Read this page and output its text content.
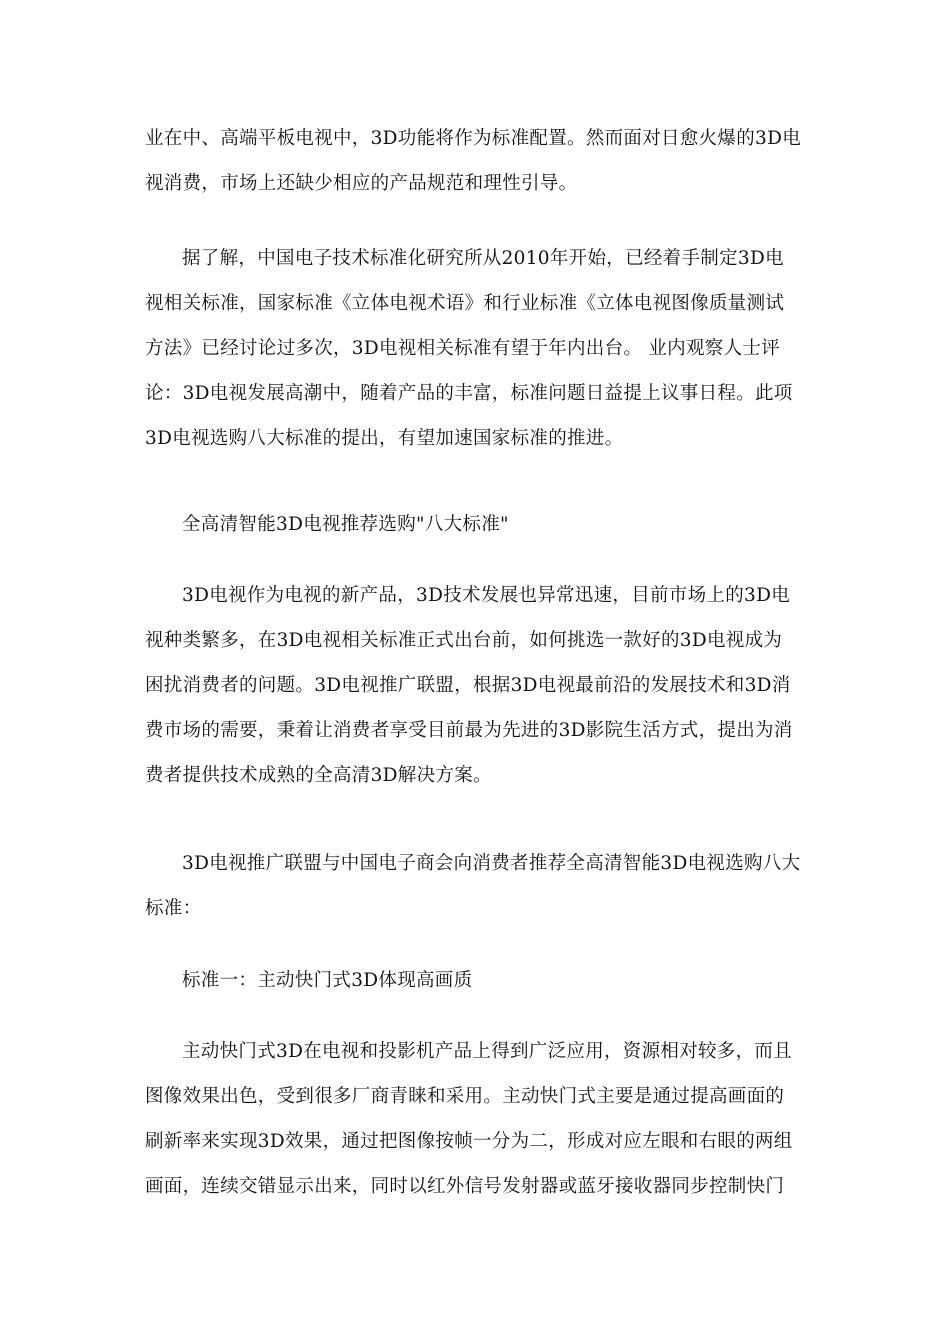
业在中、高端平板电视中，3D功能将作为标准配置。然而面对日愈火爆的3D电
视消费，市场上还缺少相应的产品规范和理性引导。

据了解，中国电子技术标准化研究所从2010年开始，已经着手制定3D电
视相关标准，国家标准《立体电视术语》和行业标准《立体电视图像质量测试
方法》已经讨论过多次，3D电视相关标准有望于年内出台。 业内观察人士评
论：3D电视发展高潮中，随着产品的丰富，标准问题日益提上议事日程。此项
3D电视选购八大标准的提出，有望加速国家标准的推进。

全高清智能3D电视推荐选购"八大标准"

3D电视作为电视的新产品，3D技术发展也异常迅速，目前市场上的3D电
视种类繁多，在3D电视相关标准正式出台前，如何挑选一款好的3D电视成为
困扰消费者的问题。3D电视推广联盟，根据3D电视最前沿的发展技术和3D消
费市场的需要，秉着让消费者享受目前最为先进的3D影院生活方式，提出为消
费者提供技术成熟的全高清3D解决方案。

3D电视推广联盟与中国电子商会向消费者推荐全高清智能3D电视选购八大
标准：

标准一：主动快门式3D体现高画质

主动快门式3D在电视和投影机产品上得到广泛应用，资源相对较多，而且
图像效果出色，受到很多厂商青睐和采用。主动快门式主要是通过提高画面的
刷新率来实现3D效果，通过把图像按帧一分为二，形成对应左眼和右眼的两组
画面，连续交错显示出来，同时以红外信号发射器或蓝牙接收器同步控制快门
